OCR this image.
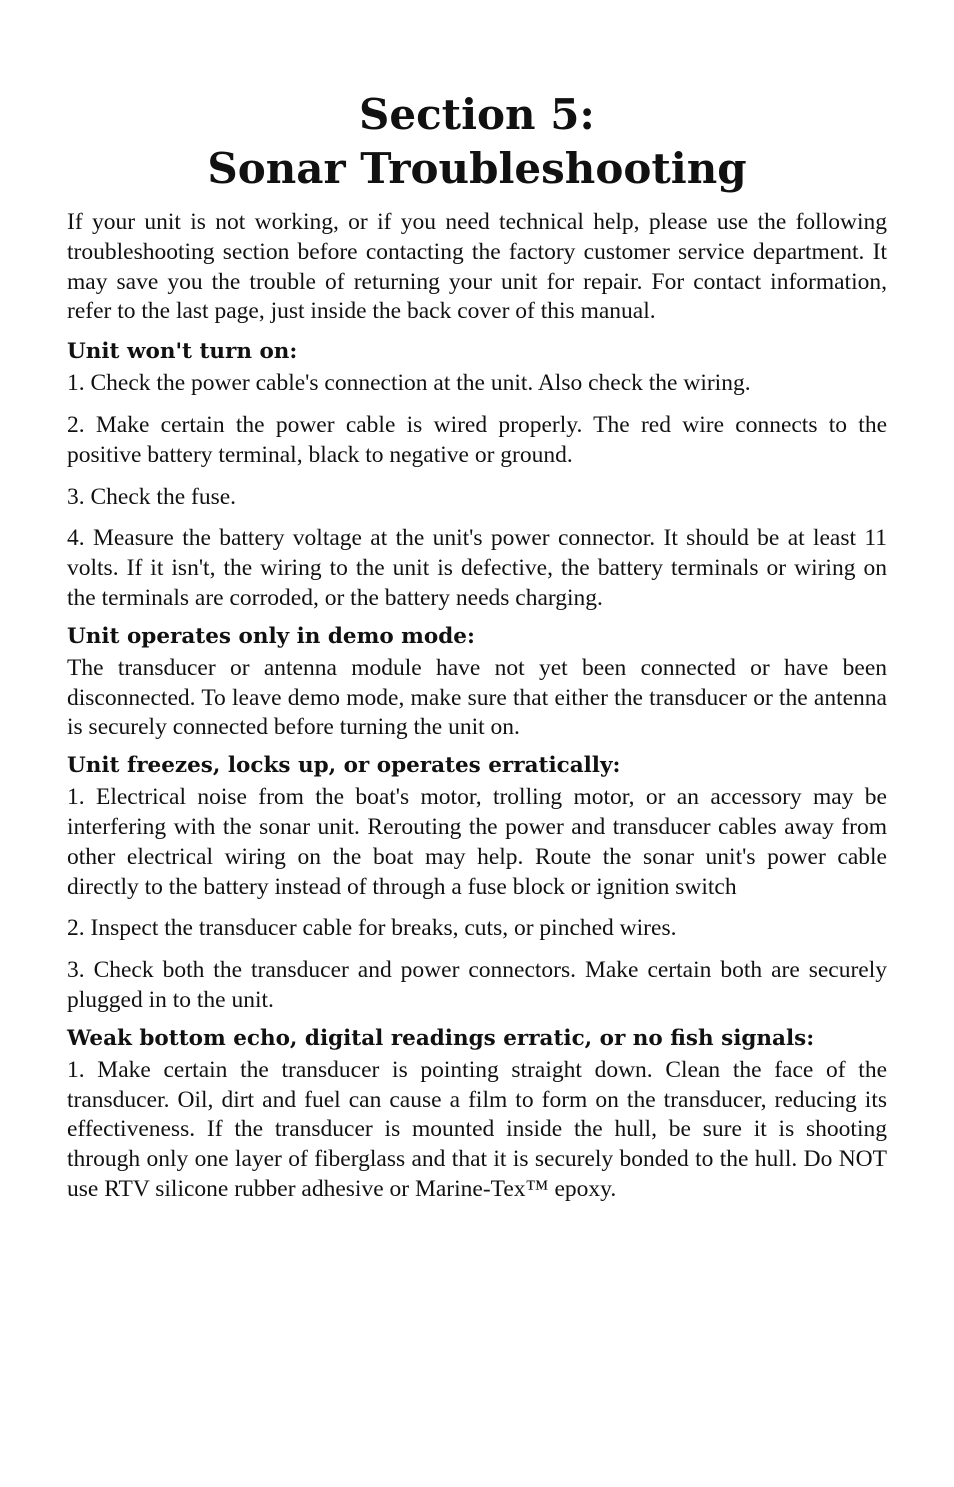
Section 5:
Sonar Troubleshooting

If your unit is not working, or if you need technical help, please use the following troubleshooting section before contacting the factory customer service department. It may save you the trouble of returning your unit for repair. For contact information, refer to the last page, just inside the back cover of this manual.

Unit won't turn on:

1. Check the power cable's connection at the unit. Also check the wiring.

2. Make certain the power cable is wired properly. The red wire connects to the positive battery terminal, black to negative or ground.

3. Check the fuse.

4. Measure the battery voltage at the unit's power connector. It should be at least 11 volts. If it isn't, the wiring to the unit is defective, the battery terminals or wiring on the terminals are corroded, or the battery needs charging.

Unit operates only in demo mode:

The transducer or antenna module have not yet been connected or have been disconnected. To leave demo mode, make sure that either the transducer or the antenna is securely connected before turning the unit on.

Unit freezes, locks up, or operates erratically:

1. Electrical noise from the boat's motor, trolling motor, or an accessory may be interfering with the sonar unit. Rerouting the power and transducer cables away from other electrical wiring on the boat may help. Route the sonar unit's power cable directly to the battery instead of through a fuse block or ignition switch

2. Inspect the transducer cable for breaks, cuts, or pinched wires.

3. Check both the transducer and power connectors. Make certain both are securely plugged in to the unit.

Weak bottom echo, digital readings erratic, or no fish signals:

1. Make certain the transducer is pointing straight down. Clean the face of the transducer. Oil, dirt and fuel can cause a film to form on the transducer, reducing its effectiveness. If the transducer is mounted inside the hull, be sure it is shooting through only one layer of fiberglass and that it is securely bonded to the hull. Do NOT use RTV silicone rubber adhesive or Marine-Tex™ epoxy.
